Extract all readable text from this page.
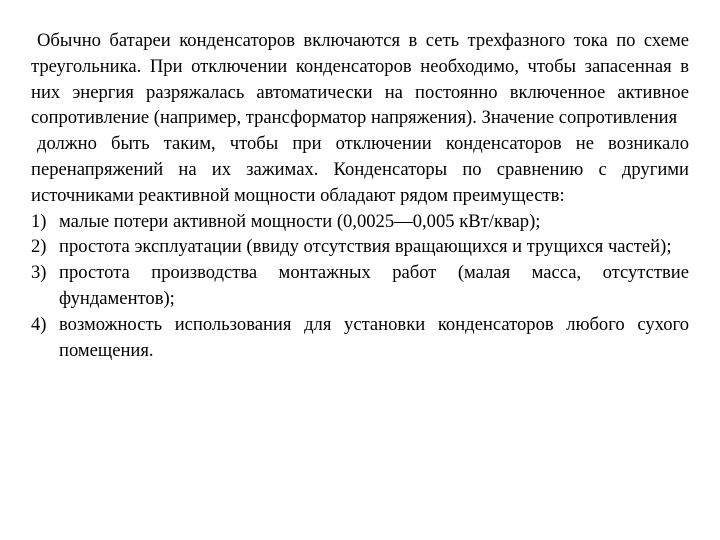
Обычно батареи конденсаторов включаются в сеть трехфазного тока по схеме треугольника. При отключении конденсаторов необходимо, чтобы запасенная в них энергия разряжалась автоматически на постоянно включенное активное сопротивление (например, трансформатор напряжения). Значение сопротивления

должно быть таким, чтобы при отключении конденсаторов не возникало перенапряжений на их зажимах. Конденсаторы по сравнению с другими источниками реактивной мощности обладают рядом преимуществ:

1) малые потери активной мощности (0,0025—0,005 кВт/квар);
2) простота эксплуатации (ввиду отсутствия вращающихся и трущихся частей);
3) простота производства монтажных работ (малая масса, отсутствие фундаментов);
4) возможность использования для установки конденсаторов любого сухого помещения.
